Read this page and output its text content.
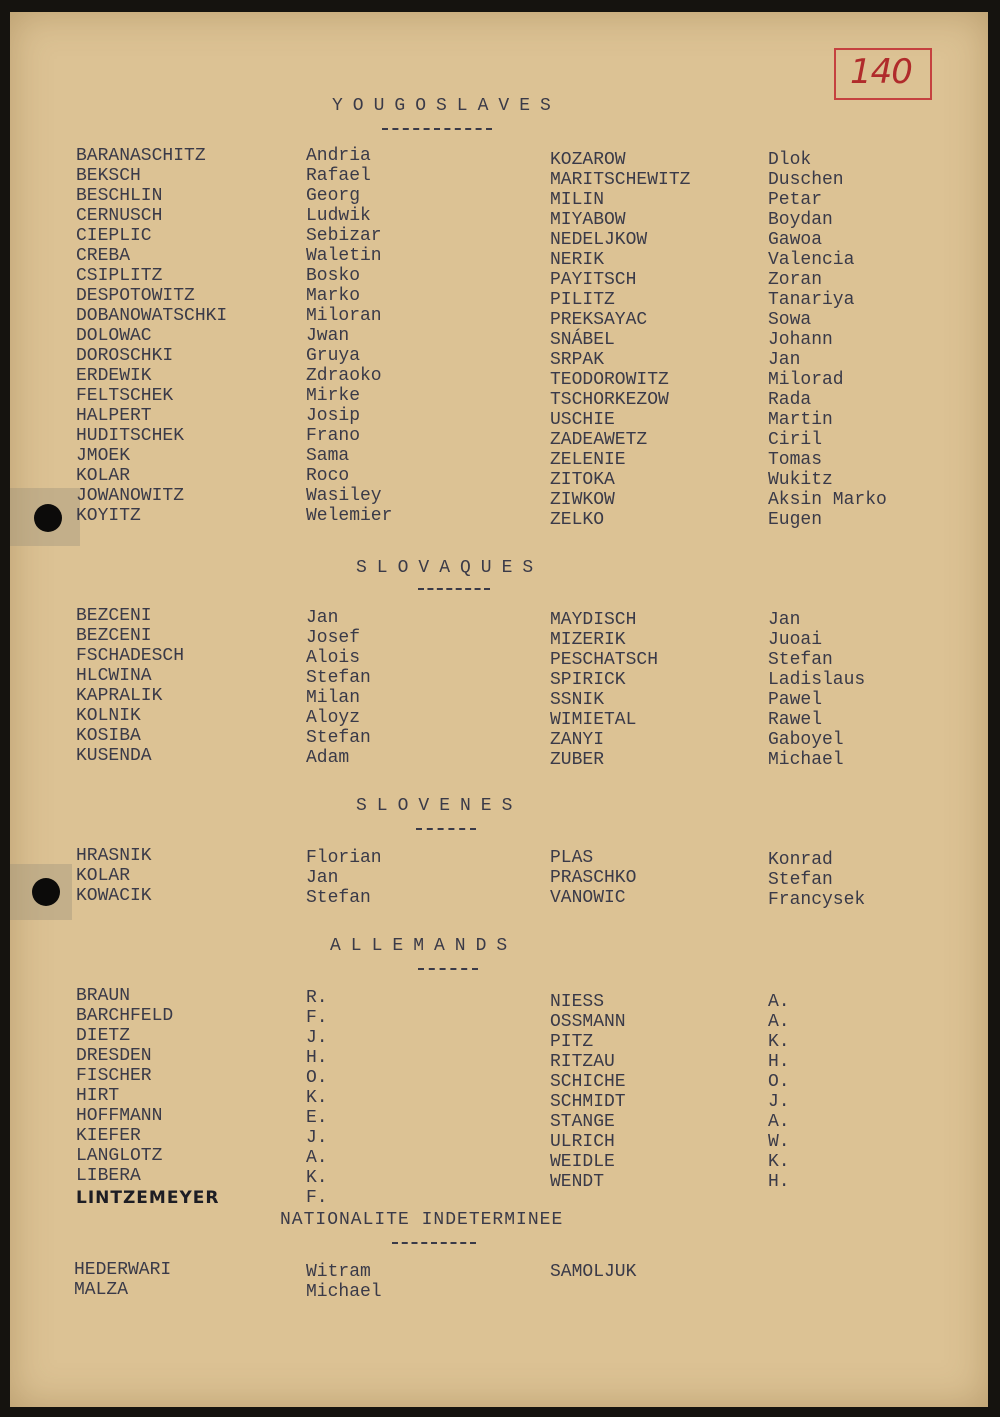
140
YOUGOSLAVES
BARANASCHITZ
BEKSCH
BESCHLIN
CERNUSCH
CIEPLIC
CREBA
CSIPLITZ
DESPOTOWITZ
DOBANOWATSCHKI
DOLOWAC
DOROSCHKI
ERDEWIK
FELTSCHEK
HALPERT
HUDITSCHEK
JMOEK
KOLAR
JOWANOWITZ
KOYITZ
Andria
Rafael
Georg
Ludwik
Sebizar
Waletin
Bosko
Marko
Miloran
Jwan
Gruya
Zdraoko
Mirke
Josip
Frano
Sama
Roco
Wasiley
Welemier
KOZAROW
MARITSCHEWITZ
MILIN
MIYABOW
NEDELJKOW
NERIK
PAYITSCH
PILITZ
PREKSAYAC
SNÁBEL
SRPAK
TEODOROWITZ
TSCHORKEZOW
USCHIE
ZADEAWETZ
ZELENIE
ZITOKA
ZIWKOW
ZELKO
Dlok
Duschen
Petar
Boydan
Gawoa
Valencia
Zoran
Tanariya
Sowa
Johann
Jan
Milorad
Rada
Martin
Ciril
Tomas
Wukitz
Aksin Marko
Eugen
SLOVAQUES
BEZCENI
BEZCENI
FSCHADESCH
HLCWINA
KAPRALIK
KOLNIK
KOSIBA
KUSENDA
Jan
Josef
Alois
Stefan
Milan
Aloyz
Stefan
Adam
MAYDISCH
MIZERIK
PESCHATSCH
SPIRICK
SSNIK
WIMIETAL
ZANYI
ZUBER
Jan
Juoai
Stefan
Ladislaus
Pawel
Rawel
Gaboyel
Michael
SLOVENES
HRASNIK
KOLAR
KOWACIK
Florian
Jan
Stefan
PLAS
PRASCHKO
VANOWIC
Konrad
Stefan
Francysek
ALLEMANDS
BRAUN
BARCHFELD
DIETZ
DRESDEN
FISCHER
HIRT
HOFFMANN
KIEFER
LANGLOTZ
LIBERA
LINTZEMEYER
R.
F.
J.
H.
O.
K.
E.
J.
A.
K.
F.
NIESS
OSSMANN
PITZ
RITZAU
SCHICHE
SCHMIDT
STANGE
ULRICH
WEIDLE
WENDT
A.
A.
K.
H.
O.
J.
A.
W.
K.
H.
NATIONALITE INDETERMINEE
HEDERWARI
MALZA
Witram
Michael
SAMOLJUK
